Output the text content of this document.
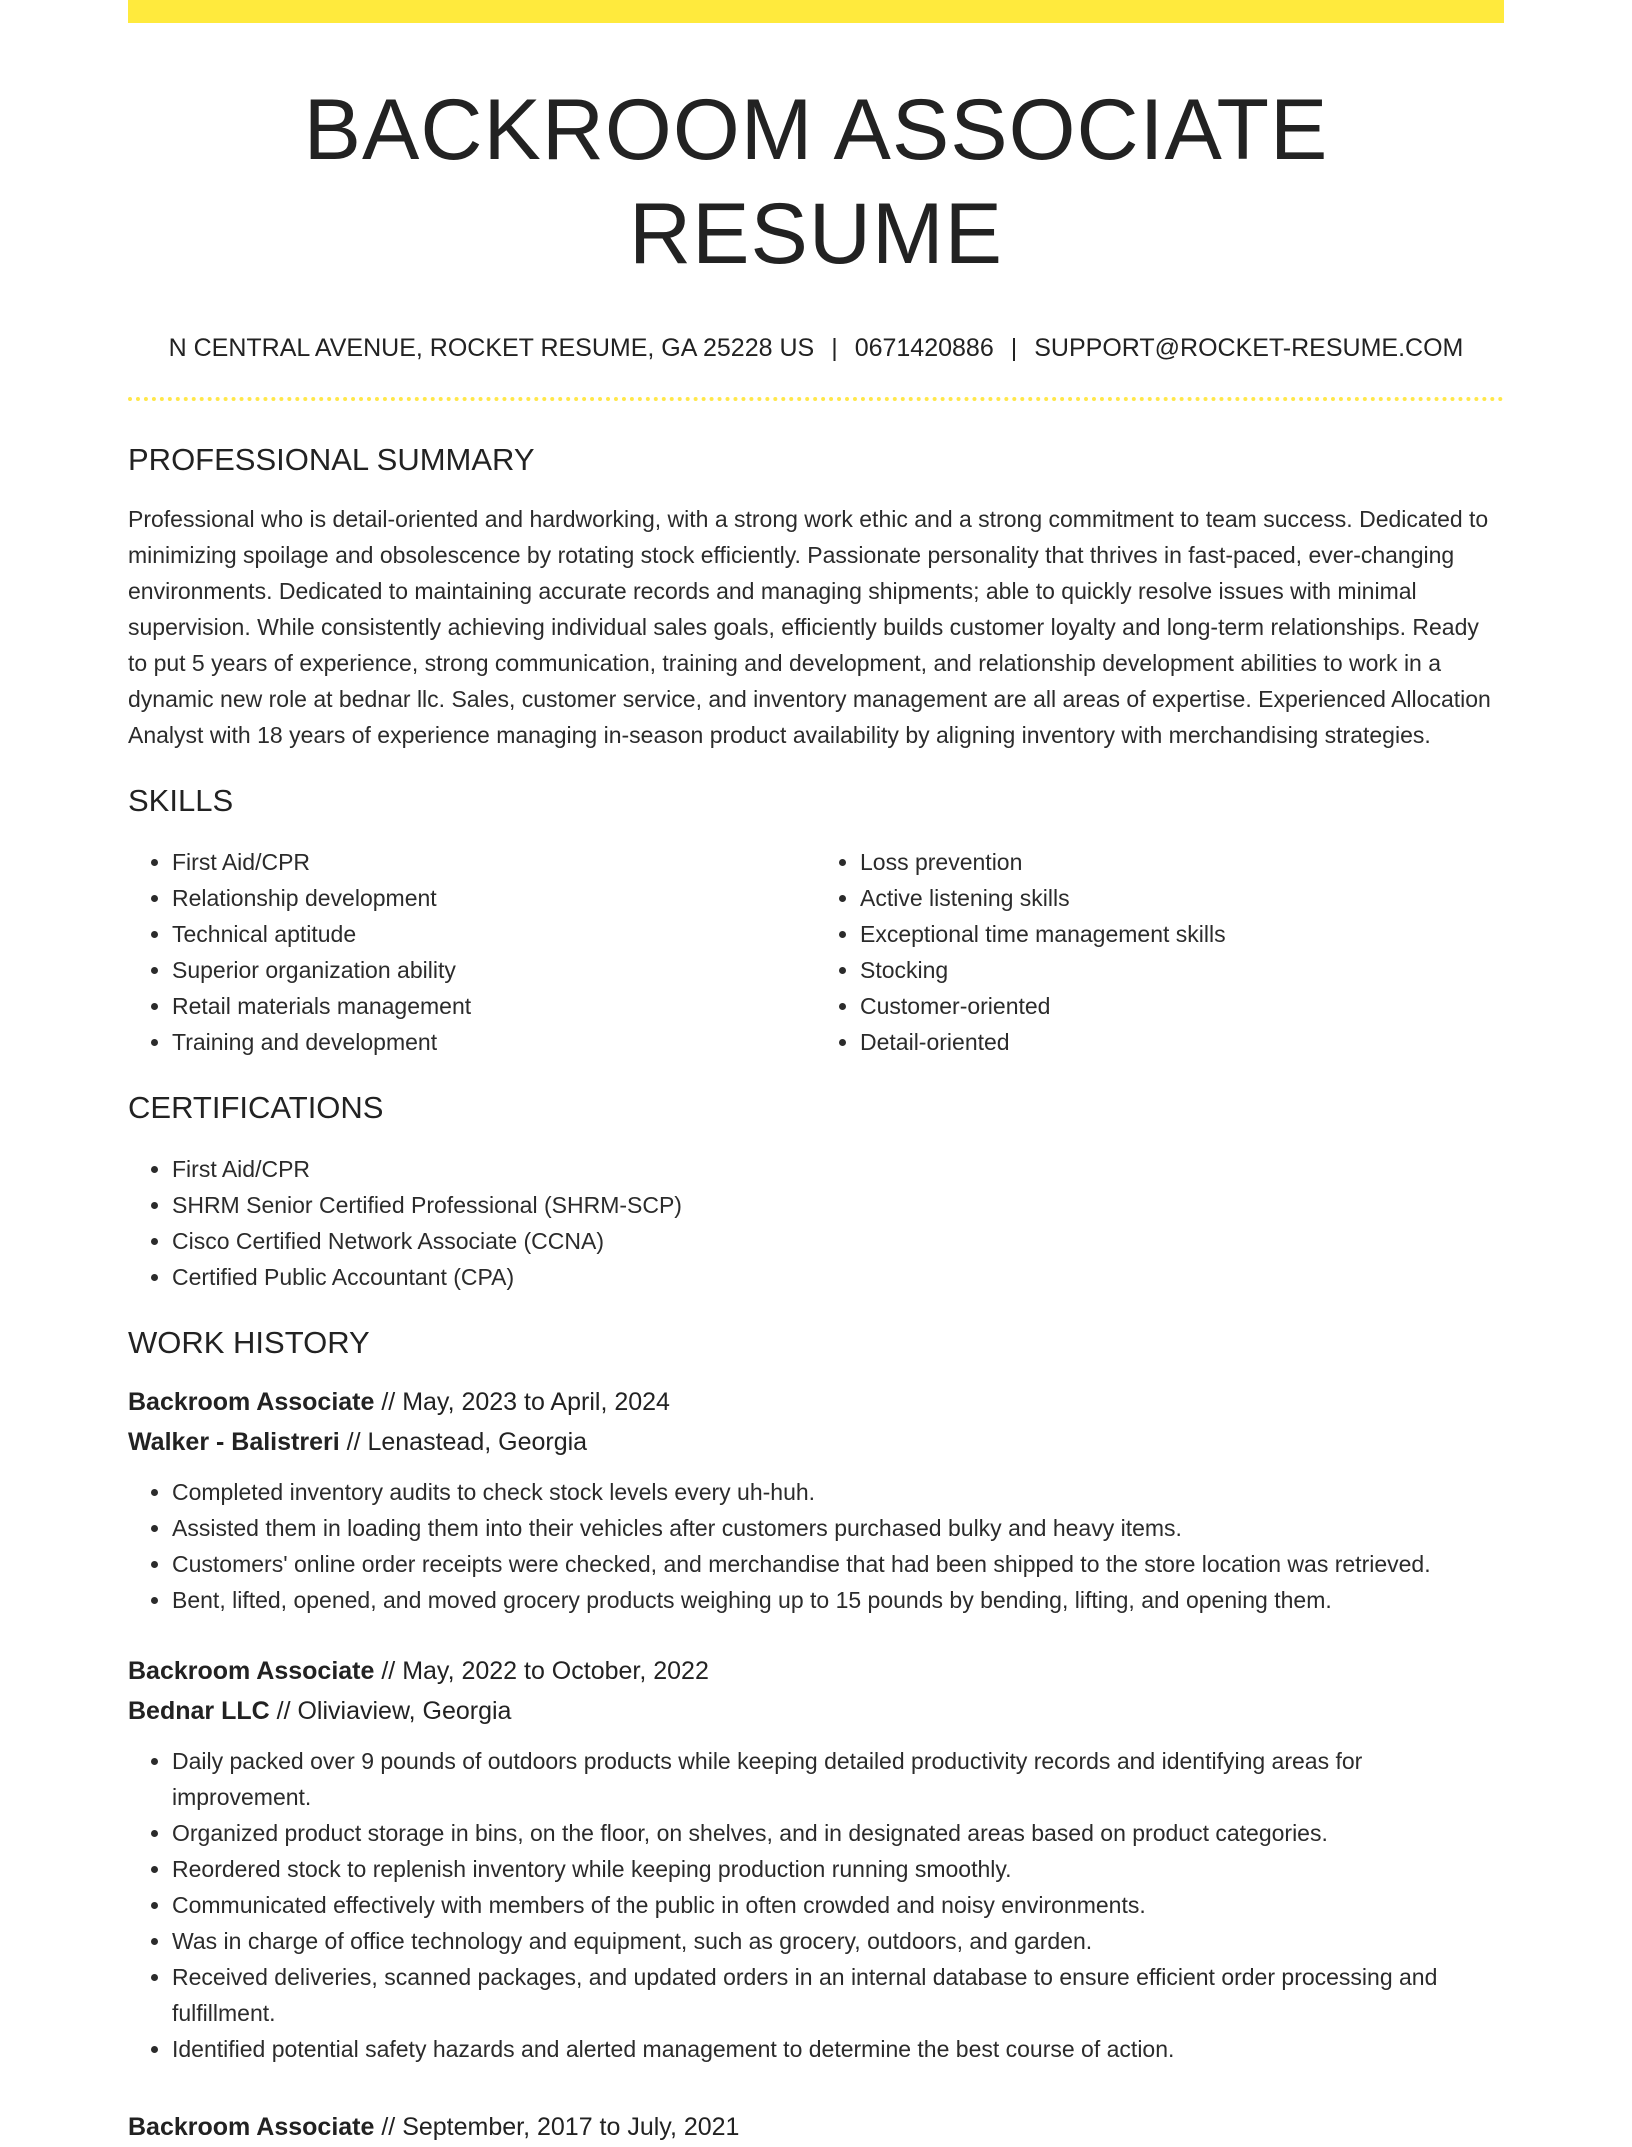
BACKROOM ASSOCIATE RESUME
N CENTRAL AVENUE, ROCKET RESUME, GA 25228 US | 0671420886 | SUPPORT@ROCKET-RESUME.COM
PROFESSIONAL SUMMARY

Professional who is detail-oriented and hardworking, with a strong work ethic and a strong commitment to team success. Dedicated to minimizing spoilage and obsolescence by rotating stock efficiently. Passionate personality that thrives in fast-paced, ever-changing environments. Dedicated to maintaining accurate records and managing shipments; able to quickly resolve issues with minimal supervision. While consistently achieving individual sales goals, efficiently builds customer loyalty and long-term relationships. Ready to put 5 years of experience, strong communication, training and development, and relationship development abilities to work in a dynamic new role at bednar llc. Sales, customer service, and inventory management are all areas of expertise. Experienced Allocation Analyst with 18 years of experience managing in-season product availability by aligning inventory with merchandising strategies.

SKILLS
• First Aid/CPR
• Relationship development
• Technical aptitude
• Superior organization ability
• Retail materials management
• Training and development
• Loss prevention
• Active listening skills
• Exceptional time management skills
• Stocking
• Customer-oriented
• Detail-oriented
CERTIFICATIONS
• First Aid/CPR
• SHRM Senior Certified Professional (SHRM-SCP)
• Cisco Certified Network Associate (CCNA)
• Certified Public Accountant (CPA)
WORK HISTORY
Backroom Associate // May, 2023 to April, 2024
Walker - Balistreri // Lenastead, Georgia
• Completed inventory audits to check stock levels every uh-huh.
• Assisted them in loading them into their vehicles after customers purchased bulky and heavy items.
• Customers' online order receipts were checked, and merchandise that had been shipped to the store location was retrieved.
• Bent, lifted, opened, and moved grocery products weighing up to 15 pounds by bending, lifting, and opening them.
Backroom Associate // May, 2022 to October, 2022
Bednar LLC // Oliviaview, Georgia
• Daily packed over 9 pounds of outdoors products while keeping detailed productivity records and identifying areas for improvement.
• Organized product storage in bins, on the floor, on shelves, and in designated areas based on product categories.
• Reordered stock to replenish inventory while keeping production running smoothly.
• Communicated effectively with members of the public in often crowded and noisy environments.
• Was in charge of office technology and equipment, such as grocery, outdoors, and garden.
• Received deliveries, scanned packages, and updated orders in an internal database to ensure efficient order processing and fulfillment.
• Identified potential safety hazards and alerted management to determine the best course of action.
Backroom Associate // September, 2017 to July, 2021
